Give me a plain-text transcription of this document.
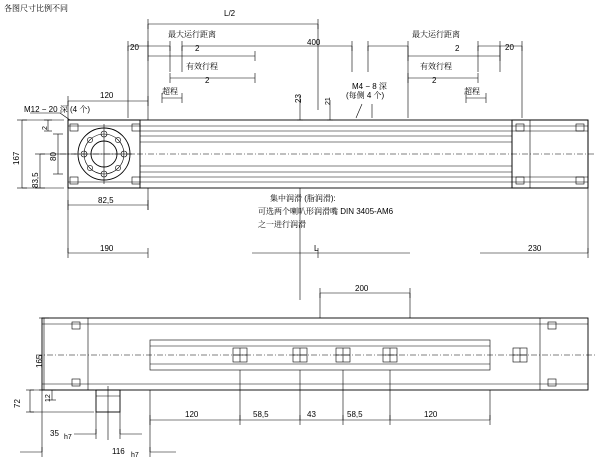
各图尺寸比例不同
L/2
最大运行距离	最大运行距离
20	2
400
2	20
有效行程	有效行程
2	2
超程	超程
M12 − 20 深 (4 个)
M4 − 8 深
(每侧 4 个)
120
167	80
83,5
2
23	21
82,5	集中润滑 (脂润滑):
可选两个喇叭形润滑嘴 DIN 3405-AM6
之一进行润滑
190	L	230
200
165
72
12
120	58,5	43	58,5	120
35 h7
116 h7
